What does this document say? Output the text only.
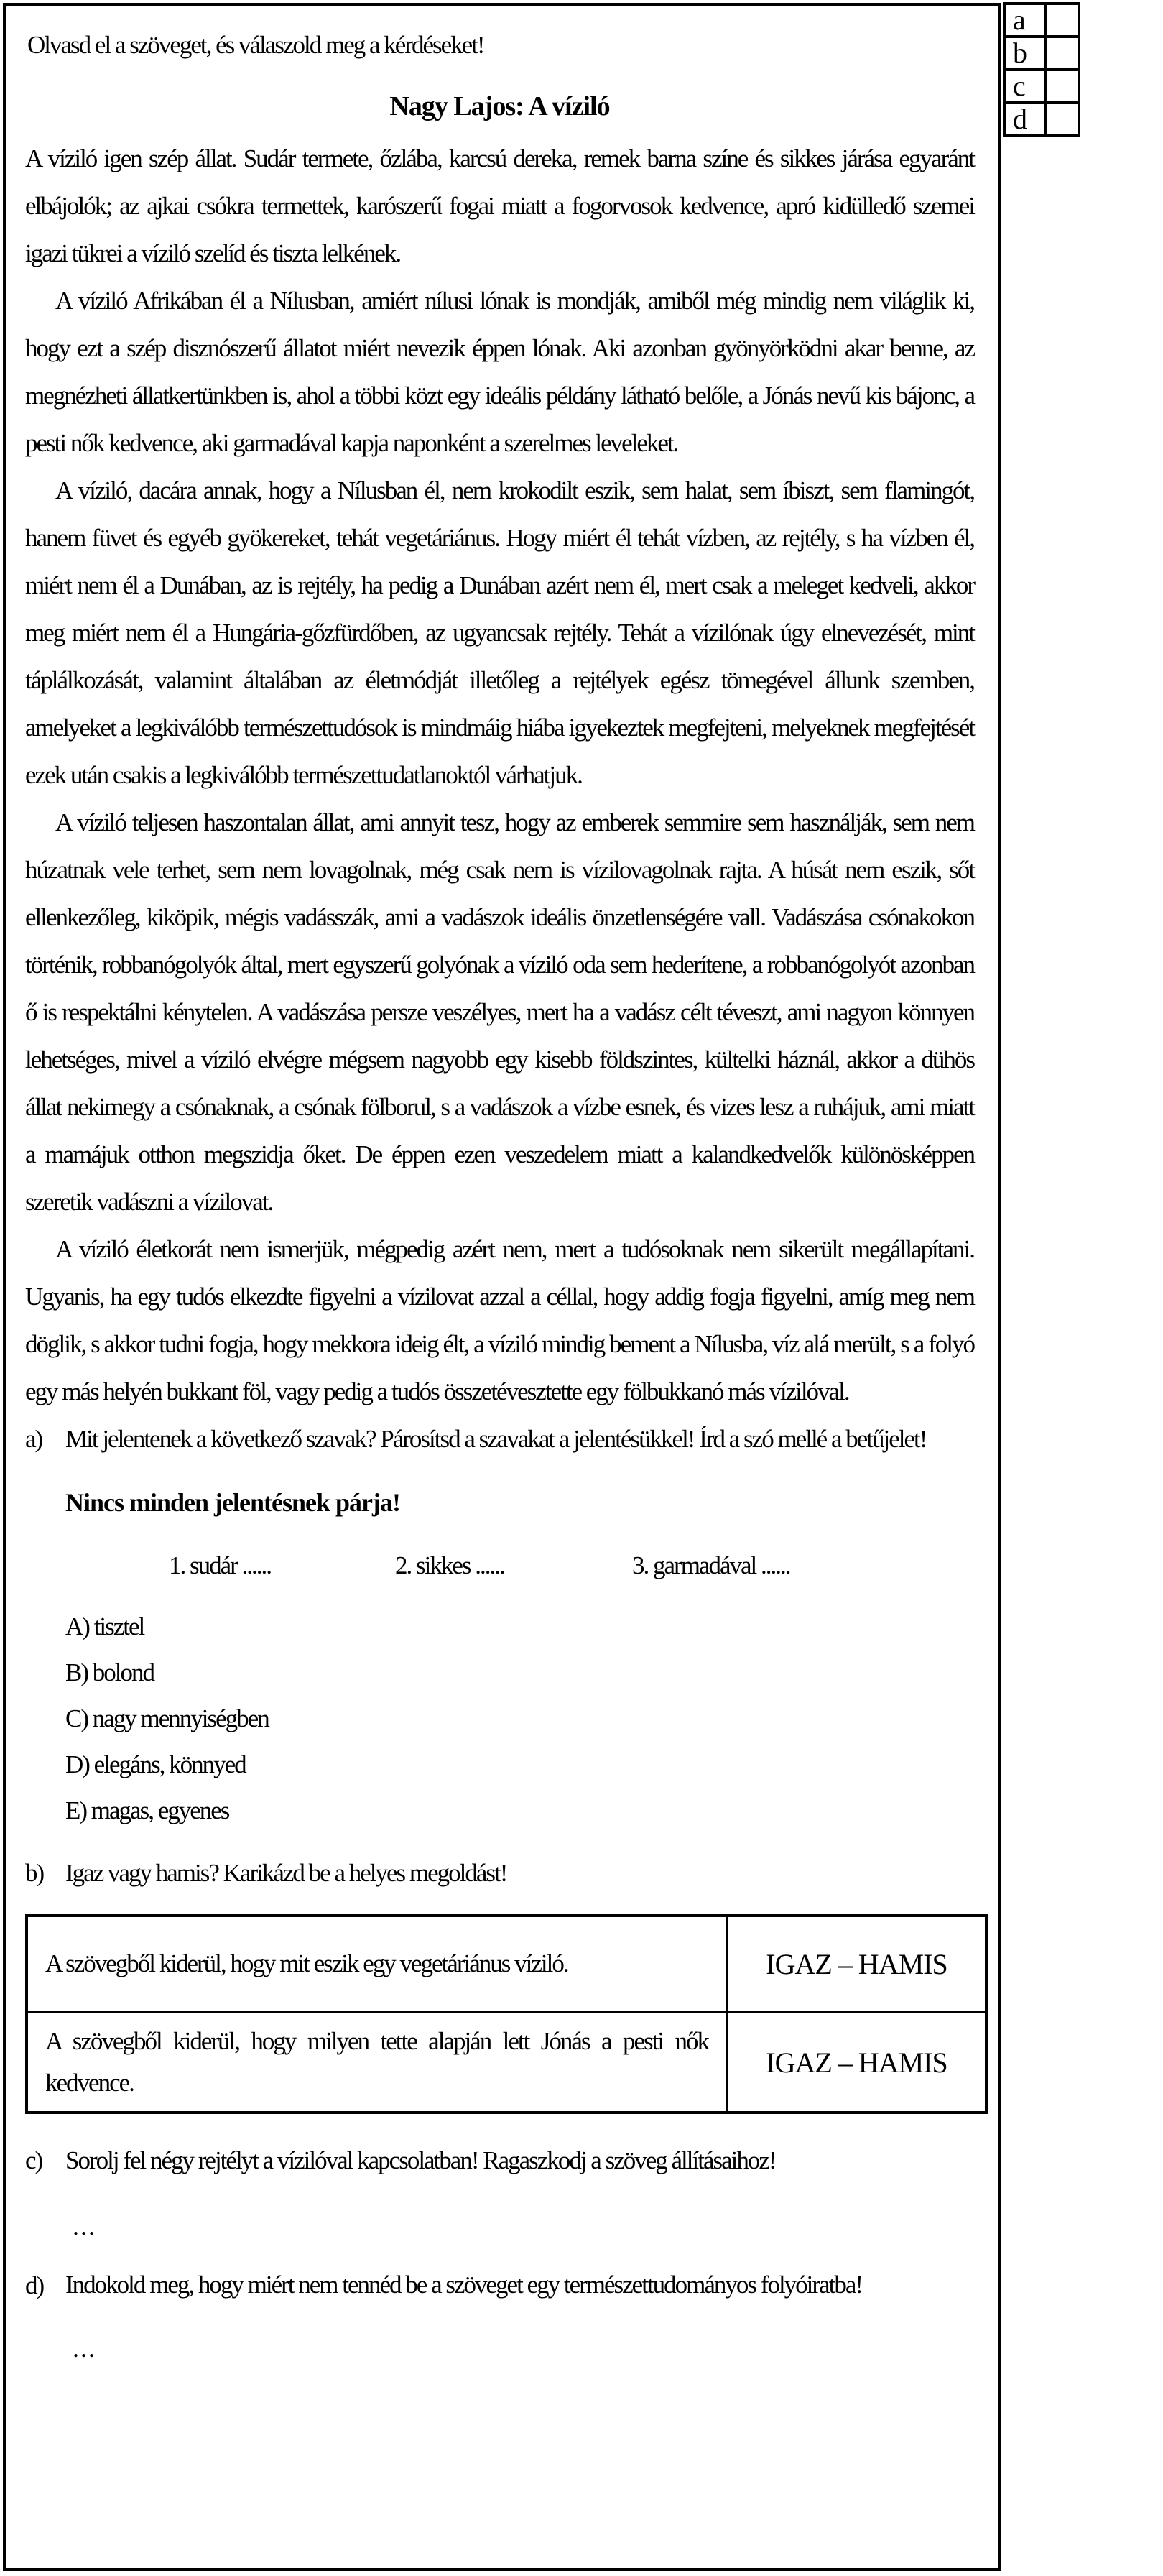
Olvasd el a szöveget, és válaszold meg a kérdéseket!
Nagy Lajos: A víziló

A víziló igen szép állat. Sudár termete, őzlába, karcsú dereka, remek barna színe és sikkes járása egyaránt elbájolók; az ajkai csókra termettek, karószerű fogai miatt a fogorvosok kedvence, apró kidülledő szemei igazi tükrei a víziló szelíd és tiszta lelkének.

A víziló Afrikában él a Nílusban, amiért nílusi lónak is mondják, amiből még mindig nem világlik ki, hogy ezt a szép disznószerű állatot miért nevezik éppen lónak. Aki azonban gyönyörködni akar benne, az megnézheti állatkertünkben is, ahol a többi közt egy ideális példány látható belőle, a Jónás nevű kis bájonc, a pesti nők kedvence, aki garmadával kapja naponként a szerelmes leveleket.

A víziló, dacára annak, hogy a Nílusban él, nem krokodilt eszik, sem halat, sem íbiszt, sem flamingót, hanem füvet és egyéb gyökereket, tehát vegetáriánus. Hogy miért él tehát vízben, az rejtély, s ha vízben él, miért nem él a Dunában, az is rejtély, ha pedig a Dunában azért nem él, mert csak a meleget kedveli, akkor meg miért nem él a Hungária-gőzfürdőben, az ugyancsak rejtély. Tehát a vízilónak úgy elnevezését, mint táplálkozását, valamint általában az életmódját illetőleg a rejtélyek egész tömegével állunk szemben, amelyeket a legkiválóbb természettudósok is mindmáig hiába igyekeztek megfejteni, melyeknek megfejtését ezek után csakis a legkiválóbb természettudatlanoktól várhatjuk.

A víziló teljesen haszontalan állat, ami annyit tesz, hogy az emberek semmire sem használják, sem nem húzatnak vele terhet, sem nem lovagolnak, még csak nem is vízilovagolnak rajta. A húsát nem eszik, sőt ellenkezőleg, kiköpik, mégis vadásszák, ami a vadászok ideális önzetlenségére vall. Vadászása csónakokon történik, robbanógolyók által, mert egyszerű golyónak a víziló oda sem hederítene, a robbanógolyót azonban ő is respektálni kénytelen. A vadászása persze veszélyes, mert ha a vadász célt téveszt, ami nagyon könnyen lehetséges, mivel a víziló elvégre mégsem nagyobb egy kisebb földszintes, kültelki háznál, akkor a dühös állat nekimegy a csónaknak, a csónak fölborul, s a vadászok a vízbe esnek, és vizes lesz a ruhájuk, ami miatt a mamájuk otthon megszidja őket. De éppen ezen veszedelem miatt a kalandkedvelők különösképpen szeretik vadászni a vízilovat.

A víziló életkorát nem ismerjük, mégpedig azért nem, mert a tudósoknak nem sikerült megállapítani. Ugyanis, ha egy tudós elkezdte figyelni a vízilovat azzal a céllal, hogy addig fogja figyelni, amíg meg nem döglik, s akkor tudni fogja, hogy mekkora ideig élt, a víziló mindig bement a Nílusba, víz alá merült, s a folyó egy más helyén bukkant föl, vagy pedig a tudós összetévesztette egy fölbukkanó más vízilóval.

a) Mit jelentenek a következő szavak? Párosítsd a szavakat a jelentésükkel! Írd a szó mellé a betűjelet!
Nincs minden jelentésnek párja!
1. sudár ......	2. sikkes ......	3. garmadával ......
A) tisztel
B) bolond
C) nagy mennyiségben
D) elegáns, könnyed
E) magas, egyenes
b) Igaz vagy hamis? Karikázd be a helyes megoldást!
A szövegből kiderül, hogy mit eszik egy vegetáriánus víziló.	IGAZ – HAMIS
A szövegből kiderül, hogy milyen tette alapján lett Jónás a pesti nők kedvence.	IGAZ – HAMIS
c) Sorolj fel négy rejtélyt a vízilóval kapcsolatban! Ragaszkodj a szöveg állításaihoz!
...
d) Indokold meg, hogy miért nem tennéd be a szöveget egy természettudományos folyóiratba!
...
a	
b	
c	
d	
